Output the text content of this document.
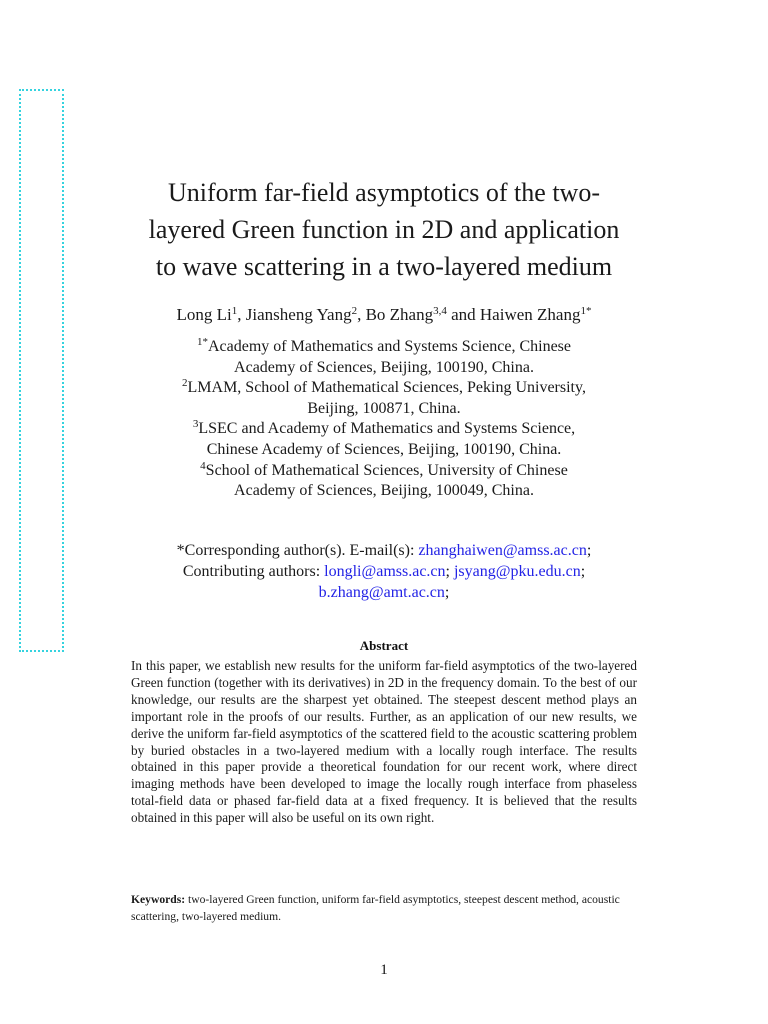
Uniform far-field asymptotics of the two-
layered Green function in 2D and application
to wave scattering in a two-layered medium
Long Li$^1$, Jiansheng Yang$^2$, Bo Zhang$^{3,4}$ and Haiwen Zhang$^{1*}$
$^{1*}$Academy of Mathematics and Systems Science, Chinese
Academy of Sciences, Beijing, 100190, China.
$^2$LMAM, School of Mathematical Sciences, Peking University,
Beijing, 100871, China.
$^3$LSEC and Academy of Mathematics and Systems Science,
Chinese Academy of Sciences, Beijing, 100190, China.
$^4$School of Mathematical Sciences, University of Chinese
Academy of Sciences, Beijing, 100049, China.
*Corresponding author(s). E-mail(s): zhanghaiwen@amss.ac.cn;
Contributing authors: longli@amss.ac.cn; jsyang@pku.edu.cn;
b.zhang@amt.ac.cn;
Abstract

In this paper, we establish new results for the uniform far-field asymptotics of the two-layered Green function (together with its derivatives) in 2D in the frequency domain. To the best of our knowledge, our results are the sharpest yet obtained. The steepest descent method plays an important role in the proofs of our results. Further, as an application of our new results, we derive the uniform far-field asymptotics of the scattered field to the acoustic scattering problem by buried obstacles in a two-layered medium with a locally rough interface. The results obtained in this paper provide a theoretical foundation for our recent work, where direct imaging methods have been developed to image the locally rough interface from phaseless total-field data or phased far-field data at a fixed frequency. It is believed that the results obtained in this paper will also be useful on its own right.

Keywords: two-layered Green function, uniform far-field asymptotics, steepest descent method, acoustic scattering, two-layered medium.

1
